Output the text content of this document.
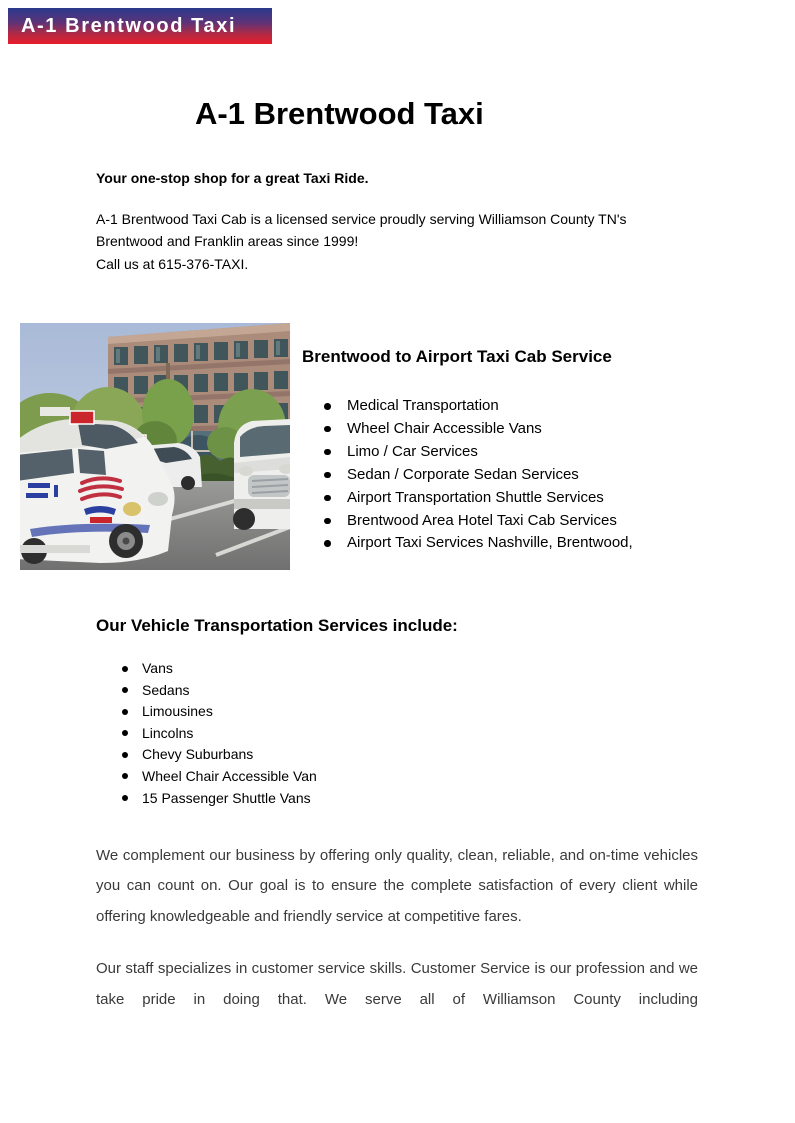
A-1 Brentwood Taxi
A-1 Brentwood Taxi
Your one-stop shop for a great Taxi Ride.
A-1 Brentwood Taxi Cab is a licensed service proudly serving Williamson County TN's Brentwood and Franklin areas since 1999!
Call us at 615-376-TAXI.
Brentwood to Airport Taxi Cab Service
Medical Transportation
Wheel Chair Accessible Vans
Limo / Car Services
Sedan / Corporate Sedan Services
Airport Transportation Shuttle Services
Brentwood Area Hotel Taxi Cab Services
Airport Taxi Services Nashville, Brentwood,
Our Vehicle Transportation Services include:
Vans
Sedans
Limousines
Lincolns
Chevy Suburbans
Wheel Chair Accessible Van
15 Passenger Shuttle Vans

We complement our business by offering only quality, clean, reliable, and on-time vehicles you can count on. Our goal is to ensure the complete satisfaction of every client while offering knowledgeable and friendly service at competitive fares.

Our staff specializes in customer service skills. Customer Service is our profession and we take pride in doing that. We serve all of Williamson County including
